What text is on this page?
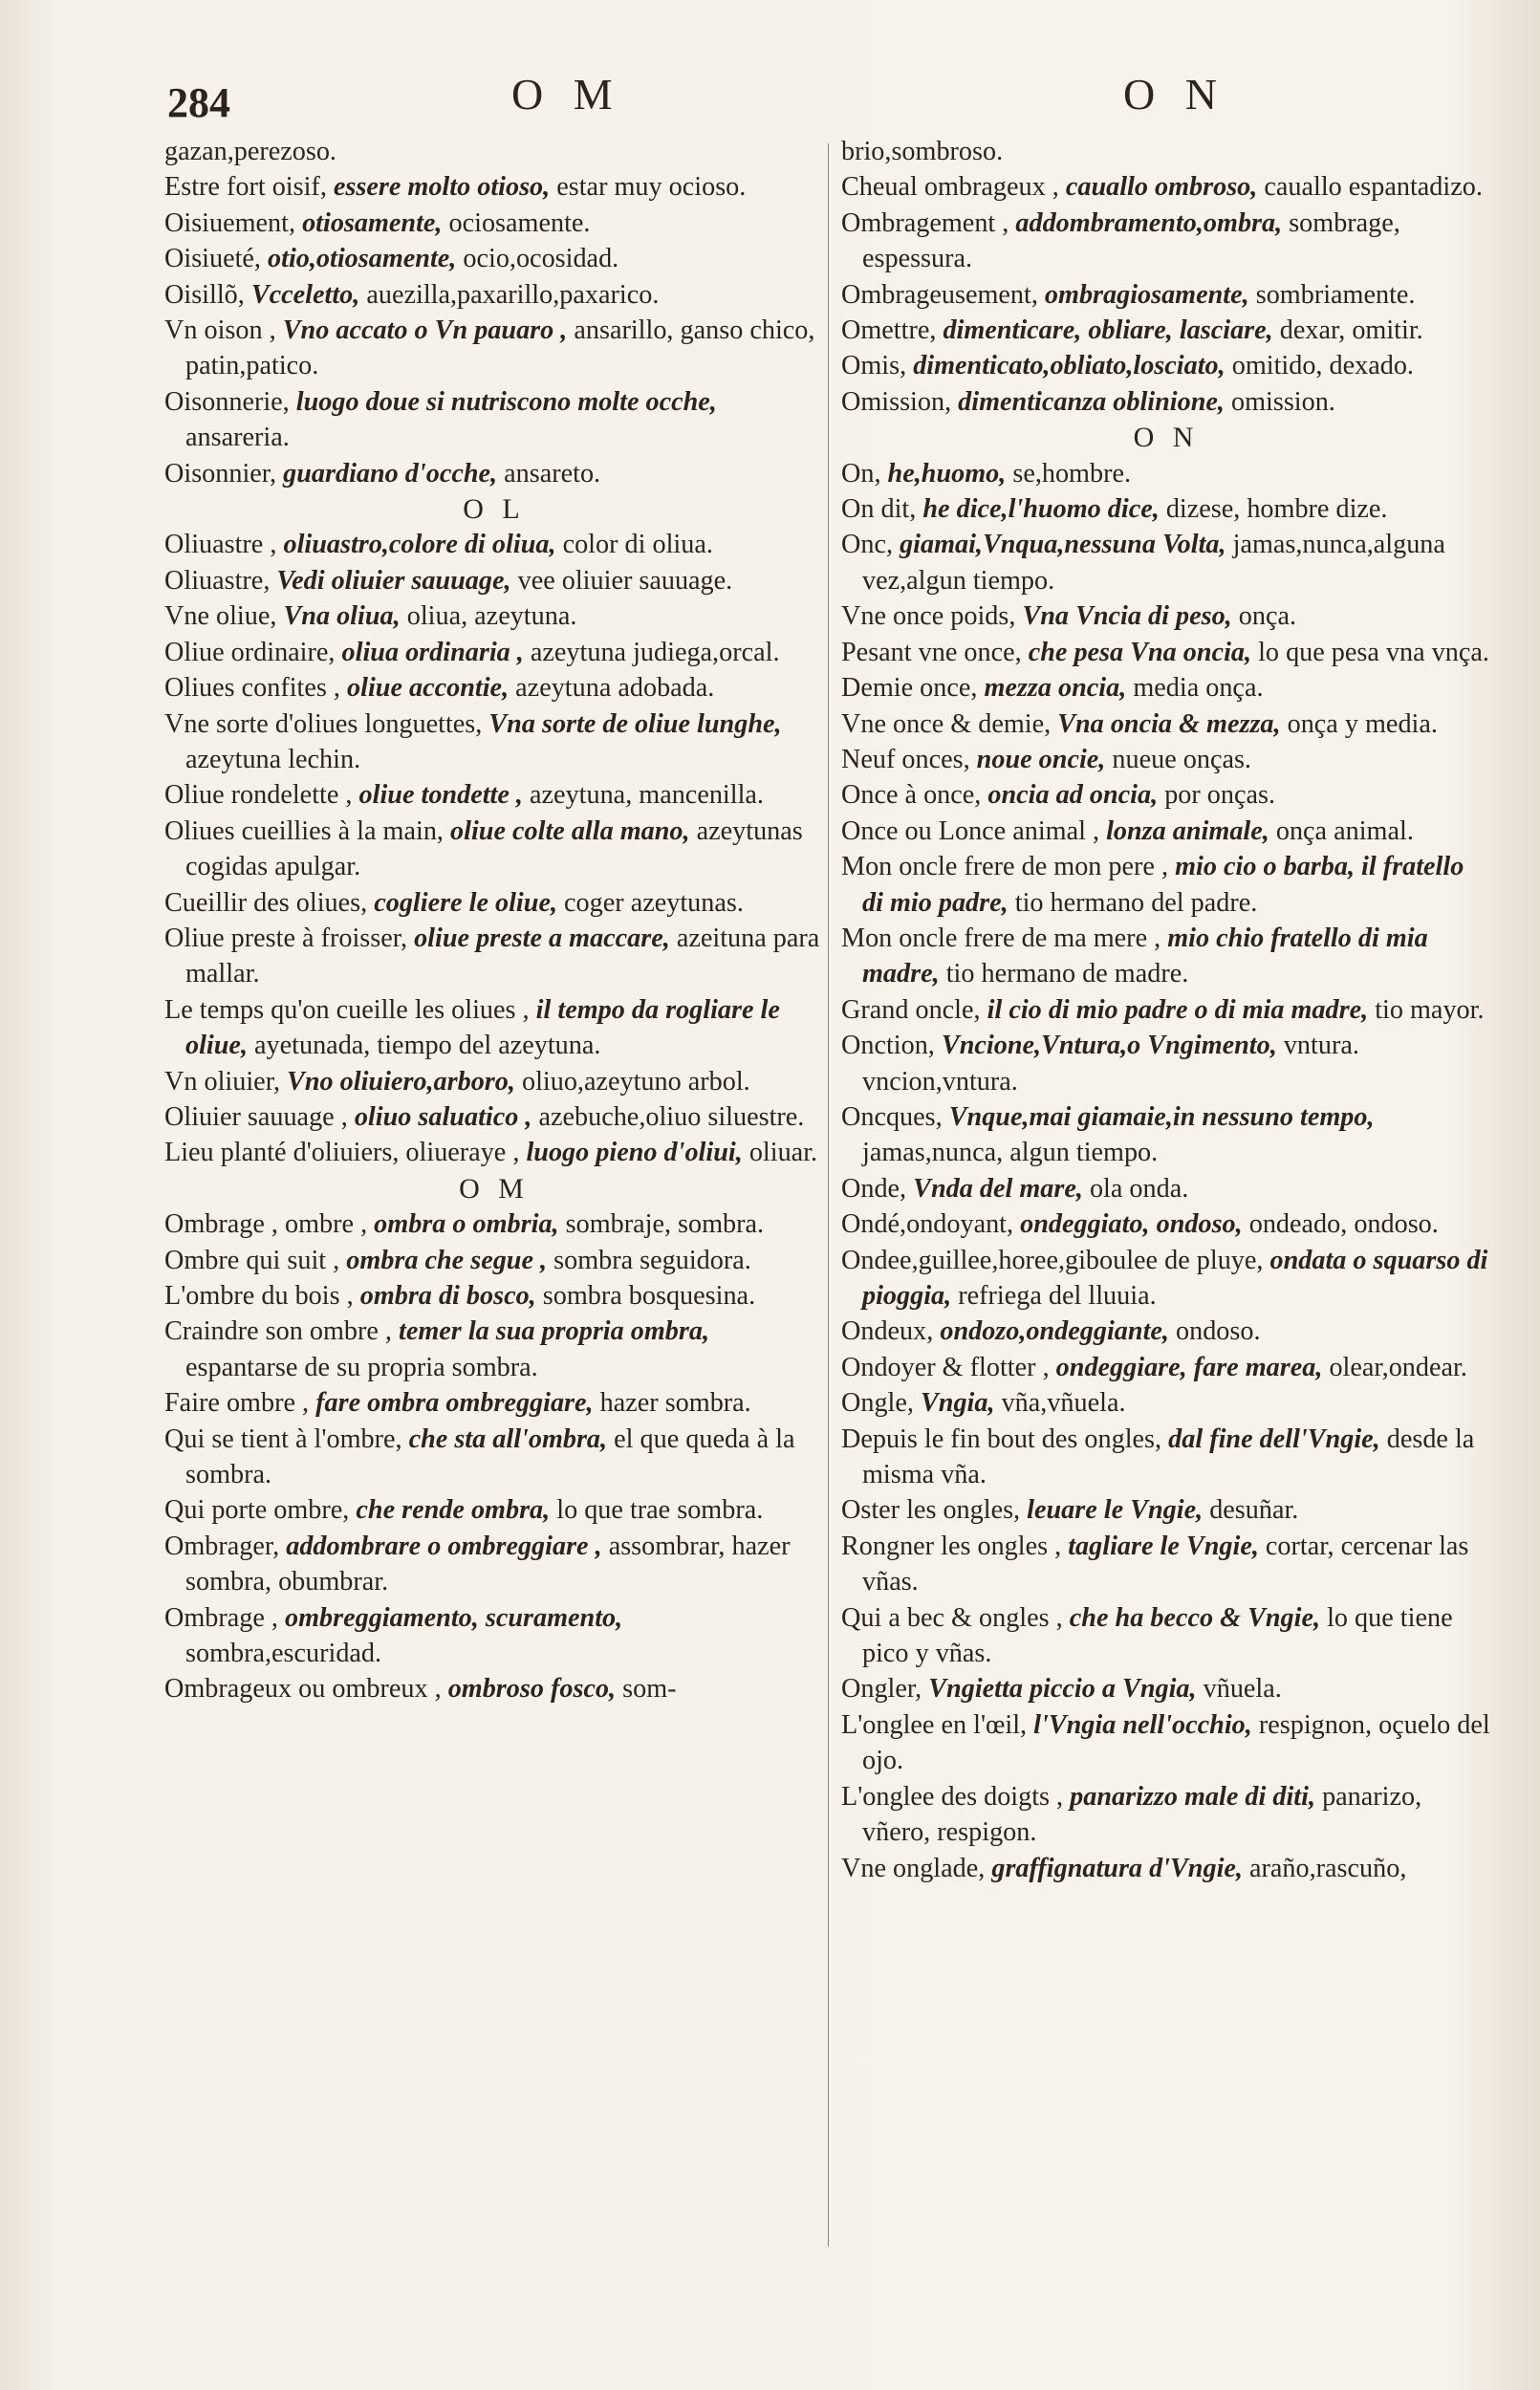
284	O M	O N

gazan,perezoso.

Estre fort oisif, essere molto otioso, estar muy ocioso.

Oisiuement, otiosamente, ociosamente.

Oisiueté, otio,otiosamente, ocio,ocosidad.

Oisillõ, Vcceletto, auezilla,paxarillo,paxarico.

Vn oison , Vno accato o Vn pauaro , ansarillo, ganso chico, patin,patico.

Oisonnerie, luogo doue si nutriscono molte ocche, ansareria.

Oisonnier, guardiano d'ocche, ansareto.

O L

Oliuastre , oliuastro,colore di oliua, color di oliua.

Oliuastre, Vedi oliuier sauuage, vee oliuier sauuage.

Vne oliue, Vna oliua, oliua, azeytuna.

Oliue ordinaire, oliua ordinaria , azeytuna judiega,orcal.

Oliues confites , oliue accontie, azeytuna adobada.

Vne sorte d'oliues longuettes, Vna sorte de oliue lunghe, azeytuna lechin.

Oliue rondelette , oliue tondette , azeytuna, mancenilla.

Oliues cueillies à la main, oliue colte alla mano, azeytunas cogidas apulgar.

Cueillir des oliues, cogliere le oliue, coger azeytunas.

Oliue preste à froisser, oliue preste a maccare, azeituna para mallar.

Le temps qu'on cueille les oliues , il tempo da rogliare le oliue, ayetunada, tiempo del azeytuna.

Vn oliuier, Vno oliuiero,arboro, oliuo,azeytuno arbol.

Oliuier sauuage , oliuo saluatico , azebuche,oliuo siluestre.

Lieu planté d'oliuiers, oliueraye , luogo pieno d'oliui, oliuar.

O M

Ombrage , ombre , ombra o ombria, sombraje, sombra.

Ombre qui suit , ombra che segue , sombra seguidora.

L'ombre du bois , ombra di bosco, sombra bosquesina.

Craindre son ombre , temer la sua propria ombra, espantarse de su propria sombra.

Faire ombre , fare ombra ombreggiare, hazer sombra.

Qui se tient à l'ombre, che sta all'ombra, el que queda à la sombra.

Qui porte ombre, che rende ombra, lo que trae sombra.

Ombrager, addombrare o ombreggiare , assombrar, hazer sombra, obumbrar.

Ombrage , ombreggiamento, scuramento, sombra,escuridad.

Ombrageux ou ombreux , ombroso fosco, som-

brio,sombroso.

Cheual ombrageux , cauallo ombroso, cauallo espantadizo.

Ombragement , addombramento,ombra, sombrage, espessura.

Ombrageusement, ombragiosamente, sombriamente.

Omettre, dimenticare, obliare, lasciare, dexar, omitir.

Omis, dimenticato,obliato,losciato, omitido, dexado.

Omission, dimenticanza oblinione, omission.

O N

On, he,huomo, se,hombre.

On dit, he dice,l'huomo dice, dizese, hombre dize.

Onc, giamai,Vnqua,nessuna Volta, jamas,nunca,alguna vez,algun tiempo.

Vne once poids, Vna Vncia di peso, onça.

Pesant vne once, che pesa Vna oncia, lo que pesa vna vnça.

Demie once, mezza oncia, media onça.

Vne once & demie, Vna oncia & mezza, onça y media.

Neuf onces, noue oncie, nueue onças.

Once à once, oncia ad oncia, por onças.

Once ou Lonce animal , lonza animale, onça animal.

Mon oncle frere de mon pere , mio cio o barba, il fratello di mio padre, tio hermano del padre.

Mon oncle frere de ma mere , mio chio fratello di mia madre, tio hermano de madre.

Grand oncle, il cio di mio padre o di mia madre, tio mayor.

Onction, Vncione,Vntura,o Vngimento, vntura. vncion,vntura.

Oncques, Vnque,mai giamaie,in nessuno tempo, jamas,nunca, algun tiempo.

Onde, Vnda del mare, ola onda.

Ondé,ondoyant, ondeggiato, ondoso, ondeado, ondoso.

Ondee,guillee,horee,giboulee de pluye, ondata o squarso di pioggia, refriega del lluuia.

Ondeux, ondozo,ondeggiante, ondoso.

Ondoyer & flotter , ondeggiare, fare marea, olear,ondear.

Ongle, Vngia, vña,vñuela.

Depuis le fin bout des ongles, dal fine dell'Vngie, desde la misma vña.

Oster les ongles, leuare le Vngie, desuñar.

Rongner les ongles , tagliare le Vngie, cortar, cercenar las vñas.

Qui a bec & ongles , che ha becco & Vngie, lo que tiene pico y vñas.

Ongler, Vngietta piccio a Vngia, vñuela.

L'onglee en l'œil, l'Vngia nell'occhio, respignon, oçuelo del ojo.

L'onglee des doigts , panarizzo male di diti, panarizo, vñero, respigon.

Vne onglade, graffignatura d'Vngie, araño,rascuño,
